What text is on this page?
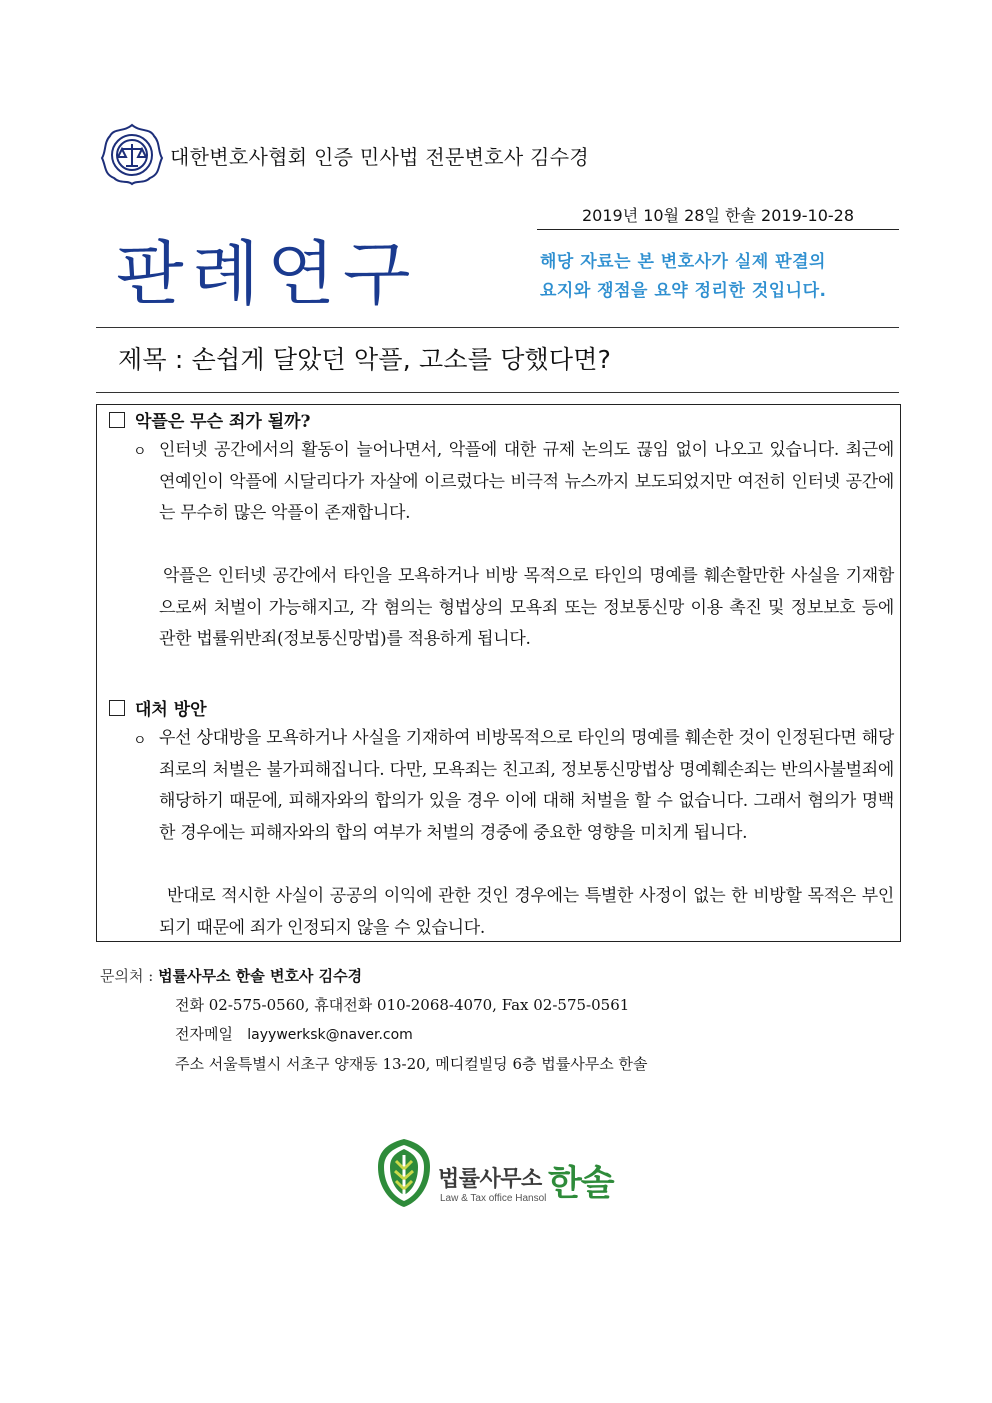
대한변호사협회 인증 민사법 전문변호사 김수경
2019년 10월 28일 한솔 2019-10-28
판례연구	해당 자료는 본 변호사가 실제 판결의
요지와 쟁점을 요약 정리한 것입니다.
제목 : 손쉽게 달았던 악플, 고소를 당했다면?
악플은 무슨 죄가 될까?
ㅇ 인터넷 공간에서의 활동이 늘어나면서, 악플에 대한 규제 논의도 끊임 없이 나오고 있습니다. 최근에 연예인이 악플에 시달리다가 자살에 이르렀다는 비극적 뉴스까지 보도되었지만 여전히 인터넷 공간에는 무수히 많은 악플이 존재합니다.
악플은 인터넷 공간에서 타인을 모욕하거나 비방 목적으로 타인의 명예를 훼손할만한 사실을 기재함으로써 처벌이 가능해지고, 각 혐의는 형법상의 모욕죄 또는 정보통신망 이용 촉진 및 정보보호 등에 관한 법률위반죄(정보통신망법)를 적용하게 됩니다.
대처 방안
ㅇ 우선 상대방을 모욕하거나 사실을 기재하여 비방목적으로 타인의 명예를 훼손한 것이 인정된다면 해당 죄로의 처벌은 불가피해집니다. 다만, 모욕죄는 친고죄, 정보통신망법상 명예훼손죄는 반의사불벌죄에 해당하기 때문에, 피해자와의 합의가 있을 경우 이에 대해 처벌을 할 수 없습니다. 그래서 혐의가 명백한 경우에는 피해자와의 합의 여부가 처벌의 경중에 중요한 영향을 미치게 됩니다.
반대로 적시한 사실이 공공의 이익에 관한 것인 경우에는 특별한 사정이 없는 한 비방할 목적은 부인되기 때문에 죄가 인정되지 않을 수 있습니다.
문의처 : 법률사무소 한솔 변호사 김수경
전화 02-575-0560, 휴대전화 010-2068-4070, Fax 02-575-0561
전자메일 layywerksk@naver.com
주소 서울특별시 서초구 양재동 13-20, 메디컬빌딩 6층 법률사무소 한솔
법률사무소 한솔
Law & Tax office Hansol
